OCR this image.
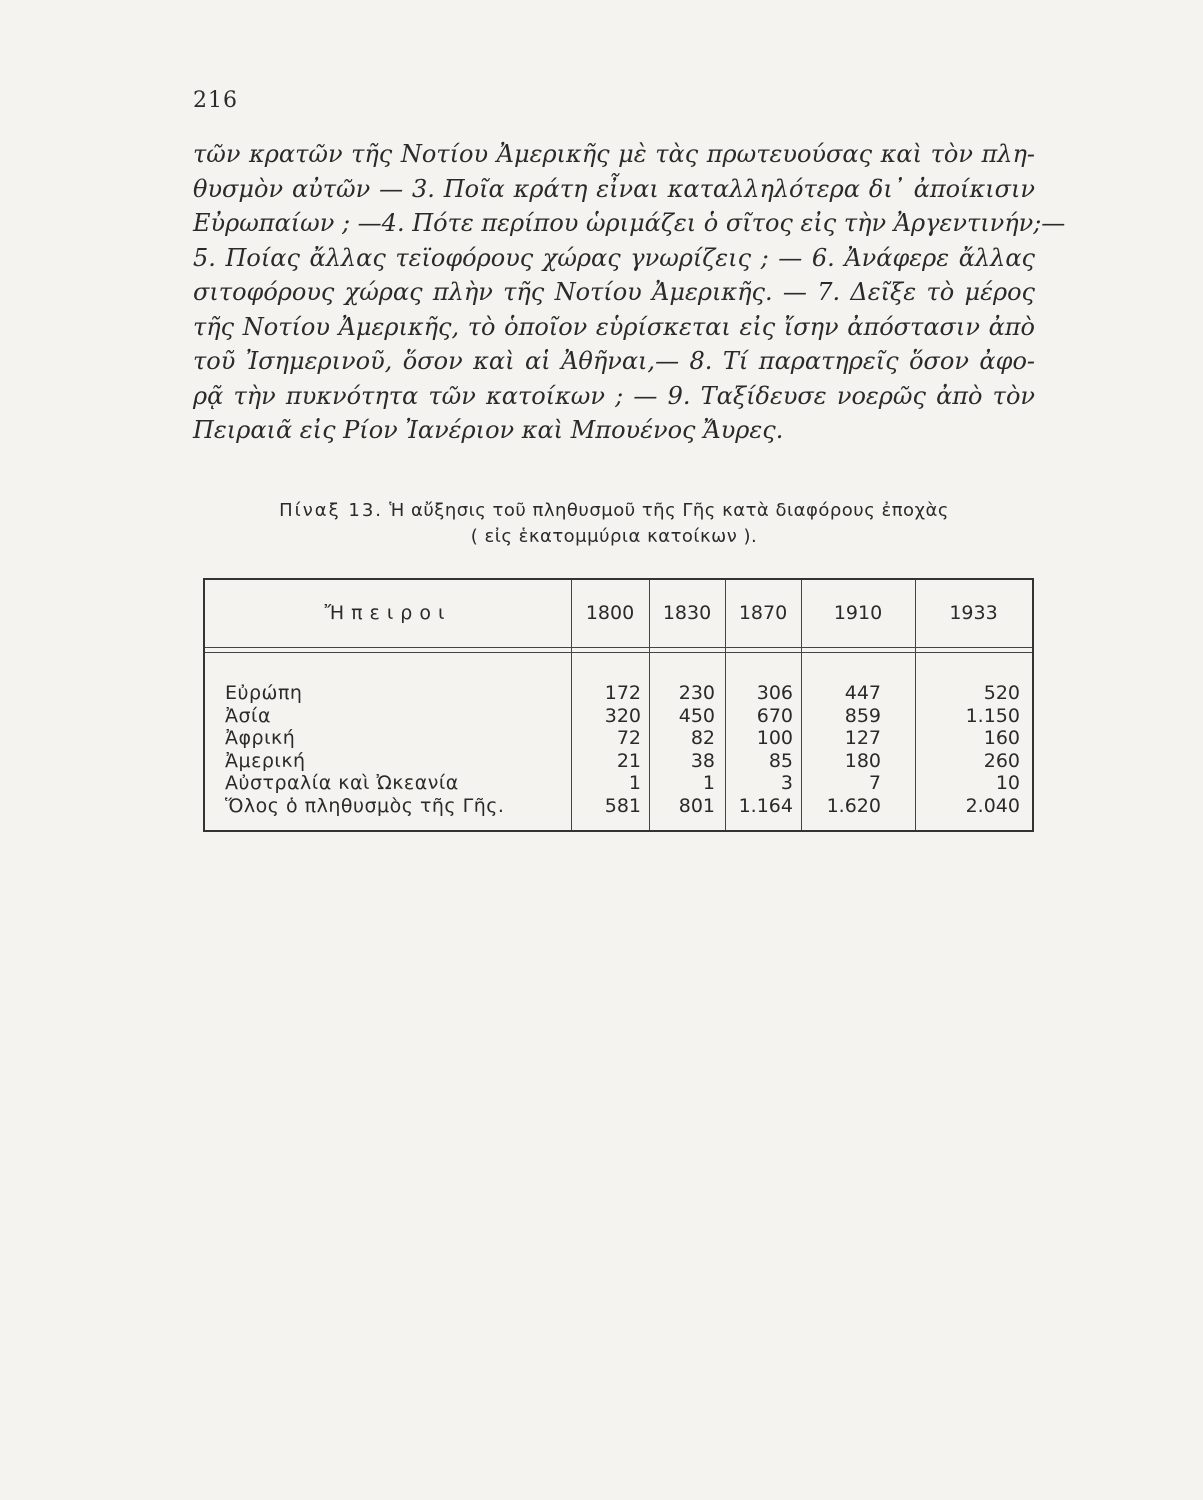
216
τῶν κρατῶν τῆς Νοτίου Ἀμερικῆς μὲ τὰς πρωτευούσας καὶ τὸν πλη-
θυσμὸν αὐτῶν — 3. Ποῖα κράτη εἶναι καταλληλότερα δι᾿ ἀποίκισιν
Εὐρωπαίων ; —4. Πότε περίπου ὡριμάζει ὁ σῖτος εἰς τὴν Ἀργεντινήν;—
5. Ποίας ἄλλας τεϊοφόρους χώρας γνωρίζεις ; — 6. Ἀνάφερε ἄλλας
σιτοφόρους χώρας πλὴν τῆς Νοτίου Ἀμερικῆς. — 7. Δεῖξε τὸ μέρος
τῆς Νοτίου Ἀμερικῆς, τὸ ὁποῖον εὑρίσκεται εἰς ἴσην ἀπόστασιν ἀπὸ
τοῦ Ἰσημερινοῦ, ὅσον καὶ αἱ Ἀθῆναι,— 8. Τί παρατηρεῖς ὅσον ἀφο-
ρᾷ τὴν πυκνότητα τῶν κατοίκων ; — 9. Ταξίδευσε νοερῶς ἀπὸ τὸν
Πειραιᾶ εἰς Ρίον Ἰανέριον καὶ Μπουένος Ἄυρες.
Πίναξ 13. Ἡ αὔξησις τοῦ πληθυσμοῦ τῆς Γῆς κατὰ διαφόρους ἐποχὰς
( εἰς ἑκατομμύρια κατοίκων ).
Ἤπειροι	1800	1830	1870	1910	1933
Εὐρώπη	172	230	306	447	520
Ἀσία	320	450	670	859	1.150
Ἀφρική	72	82	100	127	160
Ἀμερική	21	38	85	180	260
Αὐστραλία καὶ Ὠκεανία	1	1	3	7	10
Ὅλος ὁ πληθυσμὸς τῆς Γῆς.	581	801	1.164	1.620	2.040
